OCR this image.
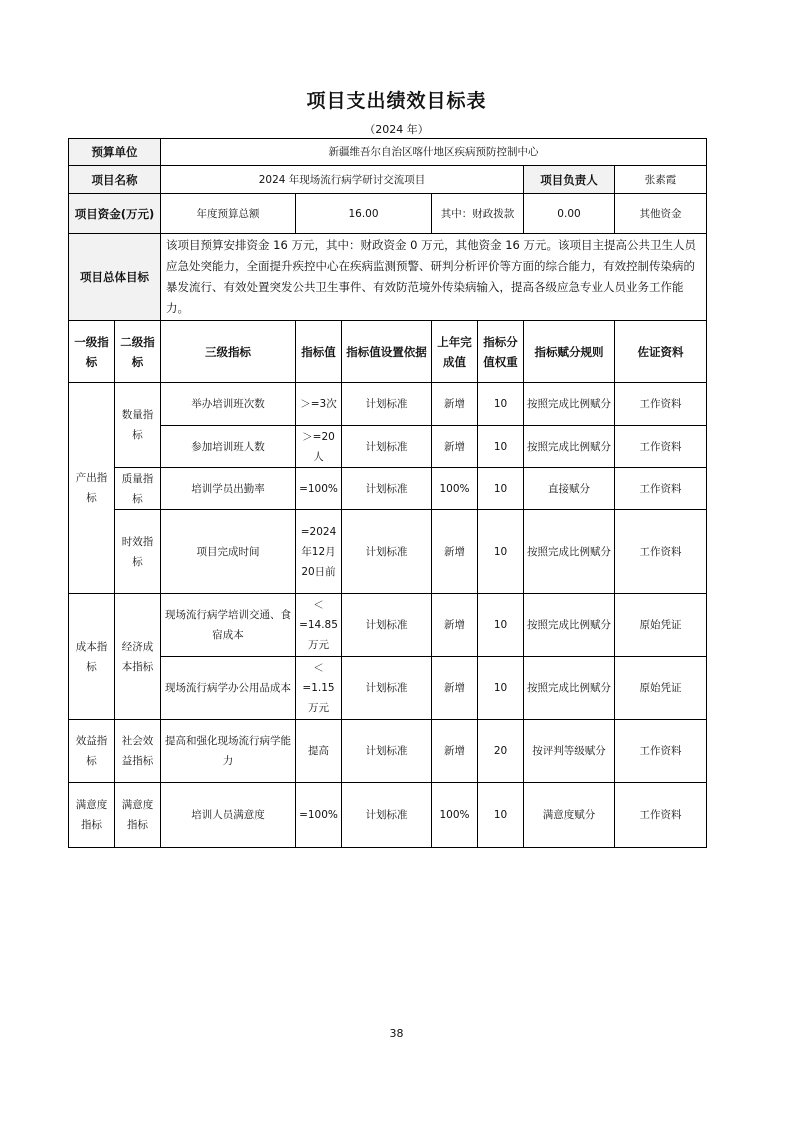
项目支出绩效目标表
（2024 年）
预算单位		新疆维吾尔自治区喀什地区疾病预防控制中心						
项目名称		2024 年现场流行病学研讨交流项目					项目负责人	张素霞
项目资金(万元)		年度预算总额	16.00		其中：财政拨款		0.00	其他资金
项目总体目标		该项目预算安排资金 16 万元，其中：财政资金 0 万元，其他资金 16 万元。该项目主提高公共卫生人员应急处突能力，全面提升疾控中心在疾病监测预警、研判分析评价等方面的综合能力，有效控制传染病的暴发流行、有效处置突发公共卫生事件、有效防范境外传染病输入，提高各级应急专业人员业务工作能力。						
一级指标	二级指标	三级指标	指标值	指标值设置依据	上年完成值	指标分值权重	指标赋分规则	佐证资料
产出指标	数量指标	举办培训班次数	＞=3次	计划标准	新增	10	按照完成比例赋分	工作资料
		参加培训班人数	＞=20人	计划标准	新增	10	按照完成比例赋分	工作资料
	质量指标	培训学员出勤率	=100%	计划标准	100%	10	直接赋分	工作资料
	时效指标	项目完成时间	=2024年12月20日前	计划标准	新增	10	按照完成比例赋分	工作资料
成本指标	经济成本指标	现场流行病学培训交通、食宿成本	＜=14.85万元	计划标准	新增	10	按照完成比例赋分	原始凭证
		现场流行病学办公用品成本	＜=1.15万元	计划标准	新增	10	按照完成比例赋分	原始凭证
效益指标	社会效益指标	提高和强化现场流行病学能力	提高	计划标准	新增	20	按评判等级赋分	工作资料
满意度指标	满意度指标	培训人员满意度	=100%	计划标准	100%	10	满意度赋分	工作资料
38
